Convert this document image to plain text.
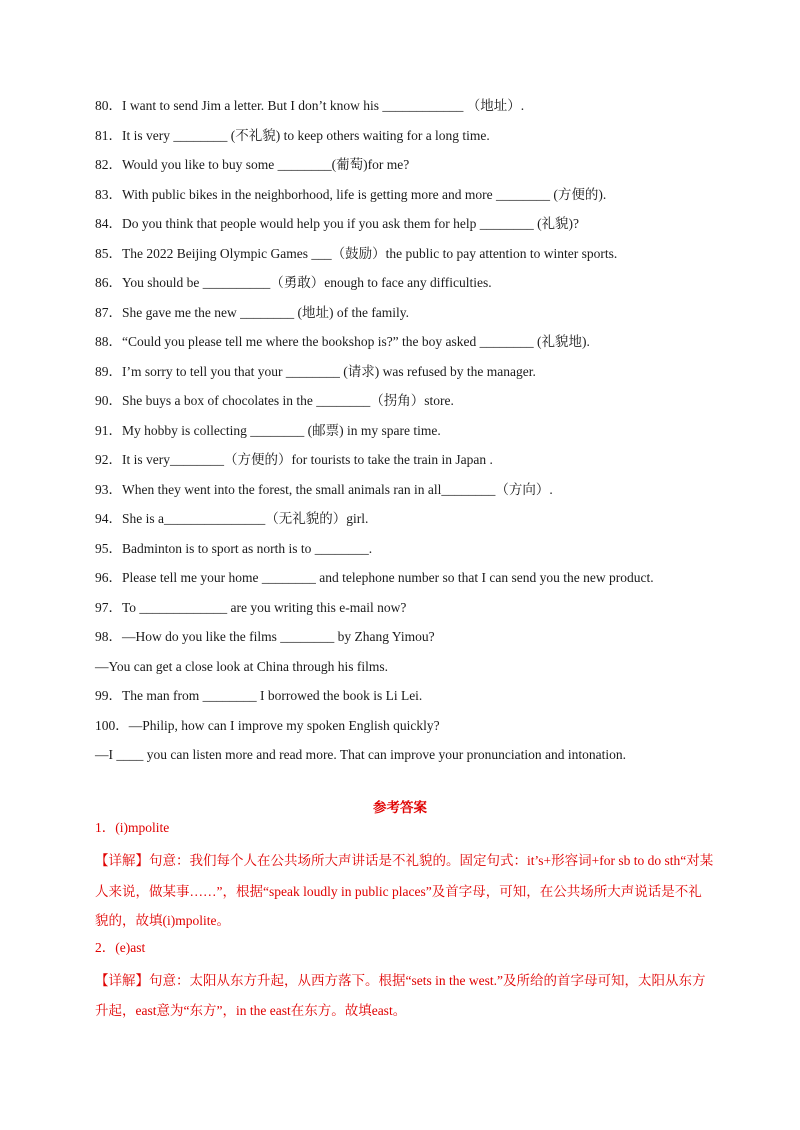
80．I want to send Jim a letter. But I don’t know his ____________ （地址）.
81．It is very ________ (不礼貌) to keep others waiting for a long time.
82．Would you like to buy some ________(葡萄)for me?
83．With public bikes in the neighborhood, life is getting more and more ________ (方便的).
84．Do you think that people would help you if you ask them for help ________ (礼貌)?
85．The 2022 Beijing Olympic Games ___（鼓励）the public to pay attention to winter sports.
86．You should be __________（勇敢）enough to face any difficulties.
87．She gave me the new ________ (地址) of the family.
88．“Could you please tell me where the bookshop is?” the boy asked ________ (礼貌地).
89．I’m sorry to tell you that your ________ (请求) was refused by the manager.
90．She buys a box of chocolates in the ________（拐角）store.
91．My hobby is collecting ________ (邮票) in my spare time.
92．It is very________（方便的）for tourists to take the train in Japan .
93．When they went into the forest, the small animals ran in all________（方向）.
94．She is a_______________（无礼貌的）girl.
95．Badminton is to sport as north is to ________.
96．Please tell me your home ________ and telephone number so that I can send you the new product.
97．To _____________ are you writing this e-mail now?
98．—How do you like the films ________ by Zhang Yimou?
—You can get a close look at China through his films.
99．The man from ________ I borrowed the book is Li Lei.
100．—Philip, how can I improve my spoken English quickly?
—I ____ you can listen more and read more. That can improve your pronunciation and intonation.
参考答案
1．(i)mpolite
【详解】句意：我们每个人在公共场所大声讲话是不礼貌的。固定句式：it’s+形容词+for sb to do sth“对某人来说，做某事……”，根据“speak loudly in public places”及首字母，可知，在公共场所大声说话是不礼貌的，故填(i)mpolite。
2．(e)ast
【详解】句意：太阳从东方升起，从西方落下。根据“sets in the west.”及所给的首字母可知，太阳从东方升起，east意为“东方”，in the east在东方。故填east。
